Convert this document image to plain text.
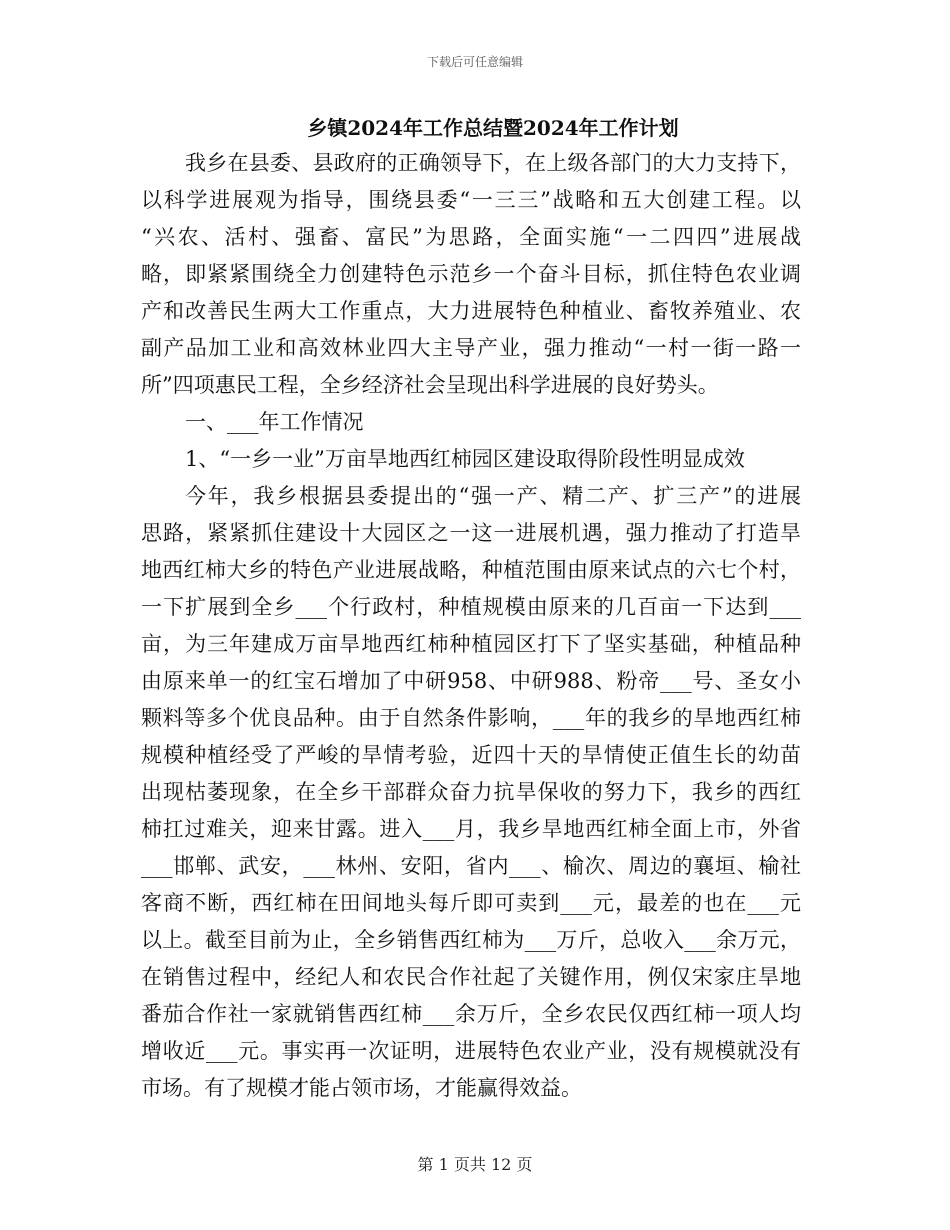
下载后可任意编辑
乡镇2024年工作总结暨2024年工作计划
我乡在县委、县政府的正确领导下，在上级各部门的大力支持下，
以科学进展观为指导，围绕县委“一三三”战略和五大创建工程。以
“兴农、活村、强畜、富民”为思路，全面实施“一二四四”进展战
略，即紧紧围绕全力创建特色示范乡一个奋斗目标，抓住特色农业调
产和改善民生两大工作重点，大力进展特色种植业、畜牧养殖业、农
副产品加工业和高效林业四大主导产业，强力推动“一村一街一路一
所”四项惠民工程，全乡经济社会呈现出科学进展的良好势头。
一、___年工作情况
1、“一乡一业”万亩旱地西红柿园区建设取得阶段性明显成效
今年，我乡根据县委提出的“强一产、精二产、扩三产”的进展
思路，紧紧抓住建设十大园区之一这一进展机遇，强力推动了打造旱
地西红柿大乡的特色产业进展战略，种植范围由原来试点的六七个村，
一下扩展到全乡___个行政村，种植规模由原来的几百亩一下达到___
亩，为三年建成万亩旱地西红柿种植园区打下了坚实基础，种植品种
由原来单一的红宝石增加了中研958、中研988、粉帝___号、圣女小
颗料等多个优良品种。由于自然条件影响，___年的我乡的旱地西红柿
规模种植经受了严峻的旱情考验，近四十天的旱情使正值生长的幼苗
出现枯萎现象，在全乡干部群众奋力抗旱保收的努力下，我乡的西红
柿扛过难关，迎来甘露。进入___月，我乡旱地西红柿全面上市，外省
___邯郸、武安，___林州、安阳，省内___、榆次、周边的襄垣、榆社
客商不断，西红柿在田间地头每斤即可卖到___元，最差的也在___元
以上。截至目前为止，全乡销售西红柿为___万斤，总收入___余万元，
在销售过程中，经纪人和农民合作社起了关键作用，例仅宋家庄旱地
番茄合作社一家就销售西红柿___余万斤，全乡农民仅西红柿一项人均
增收近___元。事实再一次证明，进展特色农业产业，没有规模就没有
市场。有了规模才能占领市场，才能赢得效益。
第 1 页共 12 页
